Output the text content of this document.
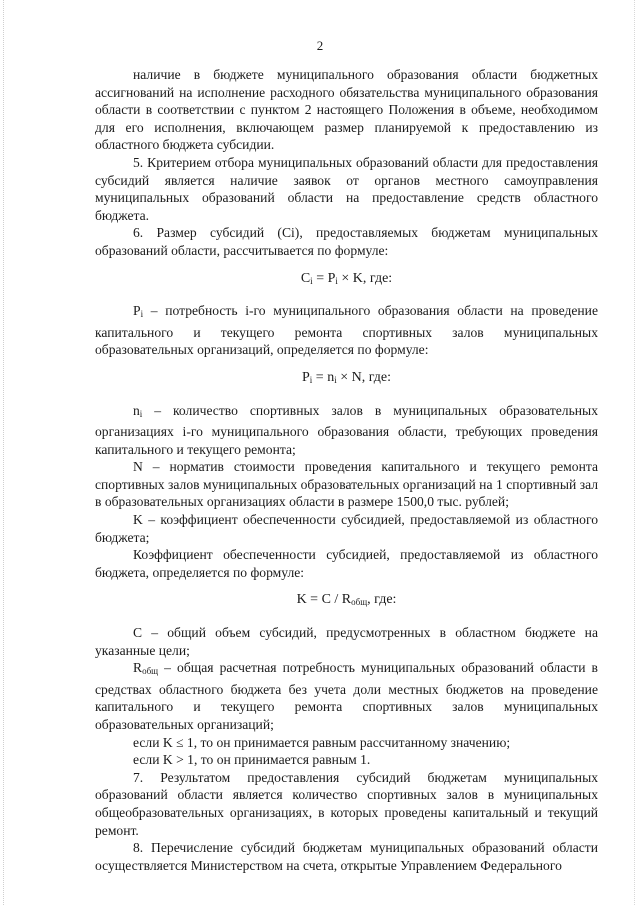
2

наличие в бюджете муниципального образования области бюджетных ассигнований на исполнение расходного обязательства муниципального образования области в соответствии с пунктом 2 настоящего Положения в объеме, необходимом для его исполнения, включающем размер планируемой к предоставлению из областного бюджета субсидии.

5. Критерием отбора муниципальных образований области для предоставления субсидий является наличие заявок от органов местного самоуправления муниципальных образований области на предоставление средств областного бюджета.

6. Размер субсидий (Ci), предоставляемых бюджетам муниципальных образований области, рассчитывается по формуле:

$C_i = P_i \times K$, где:

$P_i$ – потребность i-го муниципального образования области на проведение капитального и текущего ремонта спортивных залов муниципальных образовательных организаций, определяется по формуле:

$P_i = n_i \times N$, где:

$n_i$ – количество спортивных залов в муниципальных образовательных организациях i-го муниципального образования области, требующих проведения капитального и текущего ремонта;

N – норматив стоимости проведения капитального и текущего ремонта спортивных залов муниципальных образовательных организаций на 1 спортивный зал в образовательных организациях области в размере 1500,0 тыс. рублей;

K – коэффициент обеспеченности субсидией, предоставляемой из областного бюджета;

Коэффициент обеспеченности субсидией, предоставляемой из областного бюджета, определяется по формуле:

$K = C / R_{общ}$, где:

C – общий объем субсидий, предусмотренных в областном бюджете на указанные цели;

$R_{общ}$ – общая расчетная потребность муниципальных образований области в средствах областного бюджета без учета доли местных бюджетов на проведение капитального и текущего ремонта спортивных залов муниципальных образовательных организаций;

если K ≤ 1, то он принимается равным рассчитанному значению;

если K > 1, то он принимается равным 1.

7. Результатом предоставления субсидий бюджетам муниципальных образований области является количество спортивных залов в муниципальных общеобразовательных организациях, в которых проведены капитальный и текущий ремонт.

8. Перечисление субсидий бюджетам муниципальных образований области осуществляется Министерством на счета, открытые Управлением Федерального
